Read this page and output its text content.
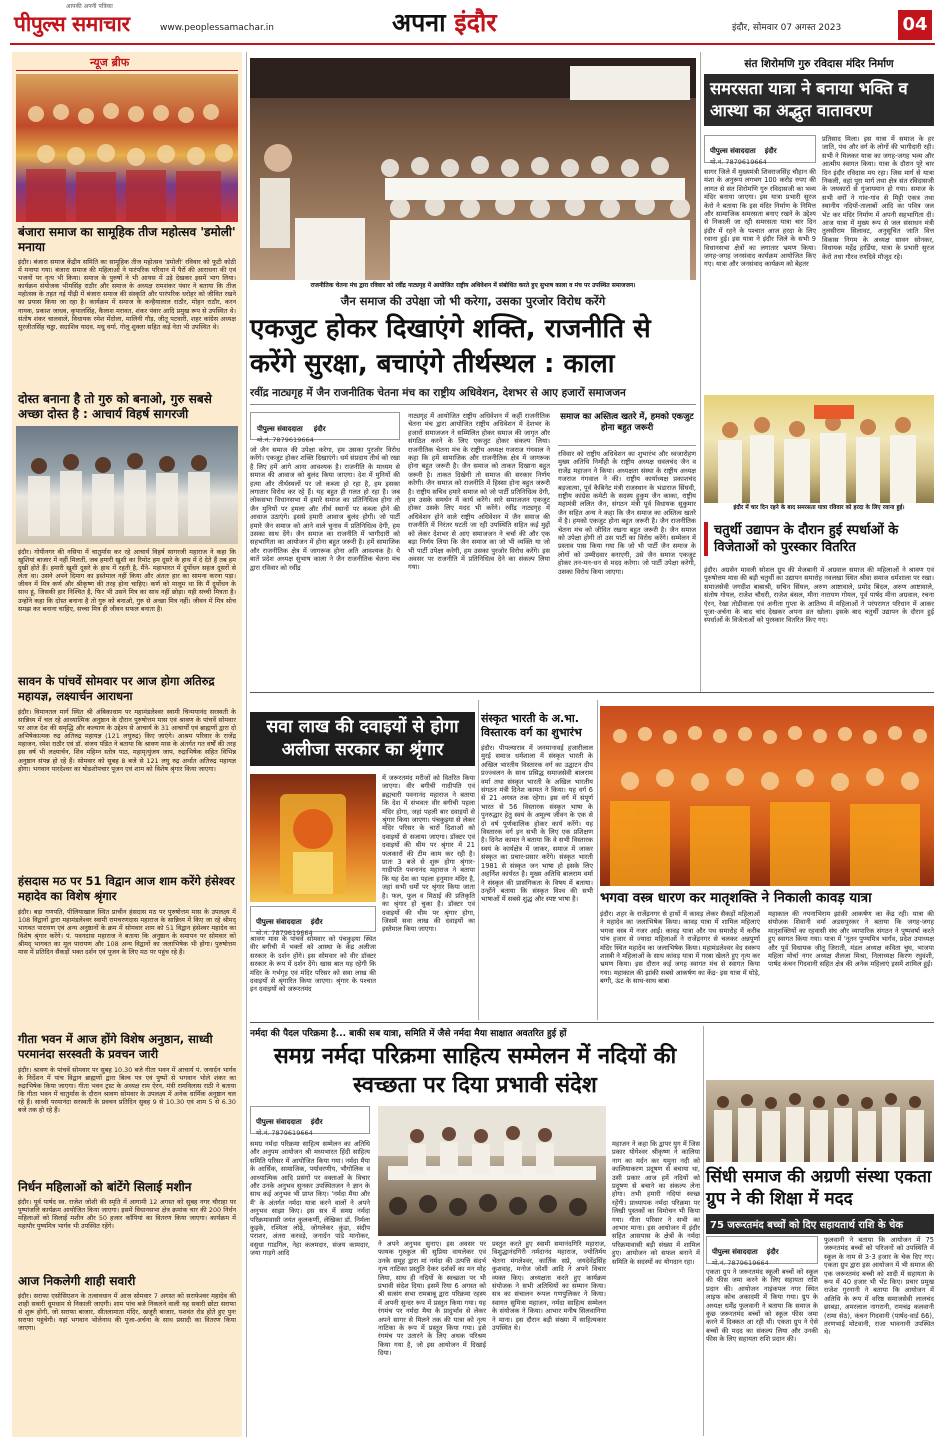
आपकी अपनी पत्रिका
पीपुल्स समाचार	www.peoplessamachar.in	अपना इंदौर	इंदौर, सोमवार 07 अगस्त 2023	04
न्यूज ब्रीफ
बंजारा समाज का सामूहिक तीज महोत्सव 'डमोली' मनाया
इंदौर। बंजारा समाज केंद्रीय समिति का सामूहिक तीज महोत्सव 'डमोली' रविवार को फूटी कोठी में मनाया गया। बंजारा समाज की महिलाओं ने पारंपरिक परिधान में पैरों की आराधना की एवं भजनों पर नृत्य भी किया। समाज के पुरुषों ने भी आयस में उड़े देखकर इसमें भाग लिया। कार्यक्रम संयोजक भीमसिंह राठौर और समाज के अध्यक्ष रामशंकर पंवार ने बताया कि तीज महोत्सव के तहत नई पीढ़ी में बंजारा समाज की संस्कृति और पारंपरिक धरोहर को जीवित रखने का प्रयास किया जा रहा है। कार्यक्रम में समाज के कन्हैयालाल राठौर, मोहन राठौर, करन नायक, प्रकाश जाधव, कृपालसिंह, कैलाश मरावत, शंकर पंवार आदि प्रमुख रूप से उपस्थित थे। संतोष शंकर चालवाले, विधायक रमेश मेंदोला, मालिनी गौड़, जीतू पटवारी, शहर कांग्रेस अध्यक्ष सुरजीतसिंह चड्ढा, सदाशिव यादव, मधु वर्मा, गोलू शुक्ला सहित कई नेता भी उपस्थित थे।
दोस्त बनाना है तो गुरु को बनाओ, गुरु सबसे अच्छा दोस्त है : आचार्य विहर्ष सागरजी
इंदौर। गोयीनगर की नसिया में चातुर्मास कर रहे आचार्य विहर्ष सागरजी महाराज ने कहा कि खुशियां बाजार में नहीं मिलतीं, जब हमारी खुशी का रिमोट हम दूसरे के हाथ में दे देते हैं तब हम दुखी होते हैं। हमारी खुशी दूसरे के हाथ में रहती है, मैंने- महाभारत में दुर्योधन सहज दूसरों से लेता था। उसने अपने दिमाग का इस्तेमाल नहीं किया और अंततः हार का सामना करना पड़ा। जीवन में मित्र कर्ण और श्रीकृष्ण की तरह होना चाहिए। कर्ण को मालूम था कि मैं दुर्योधन के साथ हूं, जिसकी हार निश्चित है, फिर भी उसने मित्र का साथ नहीं छोड़ा। यही सच्ची मित्रता है। उन्होंने कहा कि दोस्त बनाना है तो गुरु को बनाओ, गुरु से अच्छा मित्र नहीं। जीवन में मित्र सोच समझ कर बनाना चाहिए, सच्चा मित्र ही जीवन सफल बनाता है।
सावन के पांचवें सोमवार पर आज होगा अतिरुद्र महायज्ञ, लक्ष्यार्चन आराधना
इंदौर। विमानतल मार्ग स्थित श्री अंबिकाधाम पर महामंडलेश्वर स्वामी चिन्मयानंद सरस्वती के सान्निध्य में चल रहे आध्यात्मिक अनुष्ठान के दौरान पुरुषोत्तम मास एवं श्रावण के पांचवें सोमवार पर आज देश की समृद्धि और कल्याण के उद्देश्य से आचार्य के 31 आचार्यों एवं ब्राह्मणों द्वारा दो अभिषेकात्मक रुद्र अतिरुद्र महायज्ञ (121 लघुरुद्र) किए जाएंगे। आश्रम परिवार के राजेंद्र महाजन, रमेश राठौर एवं डॉ. संजय पंडित ने बताया कि श्रावण मास के अंतर्गत गत वर्षों की तरह इस वर्ष भी लक्ष्यार्चन, शिव महिम्न स्तोत्र पाठ, महामृत्युंजय जाप, रुद्राभिषेक सहित विभिन्न अनुष्ठान संपन्न हो रहे हैं। सोमवार को सुबह 8 बजे से 121 लघु रुद्र अर्थात अतिरुद्र महायज्ञ होगा। भगवान पारदेश्वर का षोडशोपचार पूजन एवं शाम को विशेष श्रृंगार किया जाएगा।
हंसदास मठ पर 51 विद्वान आज शाम करेंगे हंसेश्वर महादेव का विशेष श्रृंगार
इंदौर। बड़ा गणपति, पीलियाखाल स्थित प्राचीन हंसदास मठ पर पुरुषोत्तम मास के उपलक्ष्य में 108 विद्वानों द्वारा महामंडलेश्वर स्वामी रामचरणदास महाराज के सान्निध्य में किए जा रहे श्रीमद् भागवत पारायण एवं अन्य अनुष्ठानों के क्रम में सोमवार शाम को 51 विद्वान हंसेश्वर महादेव का विशेष श्रृंगार करेंगे। पं. पवनदास महाराज ने बताया कि अनुष्ठान के समापन पर सोमवार को श्रीमद् भागवत का मूल पारायण और 108 अन्य विद्वानों का जलाभिषेक भी होगा। पुरुषोत्तम मास में प्रतिदिन सैकड़ों भक्त दर्शन एवं पूजन के लिए मठ पर पहुंच रहे हैं।
गीता भवन में आज होंगे विशेष अनुष्ठान, साध्वी परमानंदा सरस्वती के प्रवचन जारी
इंदौर। श्रावण के पांचवें सोमवार पर सुबह 10.30 बजे गीता भवन में आचार्य पं. जनार्दन भार्गव के निर्देशन में पांच विद्वान ब्राह्मणों द्वारा बिल्व पत्र एवं पुष्पों से भगवान भोले शंकर का रुद्राभिषेक किया जाएगा। गीता भवन ट्रस्ट के अध्यक्ष राम ऐरन, मंत्री रामविलास राठी ने बताया कि गीता भवन में चातुर्मास के दौरान श्रावण सोमवार के उपलक्ष्य में अनेक धार्मिक अनुष्ठान चल रहे हैं। साध्वी परमानंदा सरस्वती के प्रवचन प्रतिदिन सुबह 9 से 10.30 एवं शाम 5 से 6.30 बजे तक हो रहे हैं।
निर्धन महिलाओं को बांटेंगे सिलाई मशीन
इंदौर। पूर्व पार्षद स्व. राजेश जोशी की स्मृति में आगामी 12 अगस्त को सुबह नगर चौराहा पर पुष्पांजलि कार्यक्रम आयोजित किया जाएगा। इसमें विधानसभा क्षेत्र क्रमांक चार की 200 निर्धन महिलाओं को सिलाई मशीन और 50 हजार कॉपियां का वितरण किया जाएगा। कार्यक्रम में महापौर पुष्यमित्र भार्गव भी उपस्थित रहेंगे।
आज निकलेगी शाही सवारी
इंदौर। सराफा एसोसिएशन के तत्वावधान में आज सोमवार 7 अगस्त को सराफेश्वर महादेव की शाही सवारी धूमधाम से निकाली जाएगी। शाम पांच बजे निकलने वाली यह सवारी छोटा सराफा से शुरू होगी, जो सराफा बाजार, सीतलामाता मंदिर, खजूरी बाजार, यशवंत रोड होते हुए पुनः सराफा पहुंचेगी। यहां भगवान भोलेनाथ की पूजा-अर्चना के साथ प्रसादी का वितरण किया जाएगा।
राजनीतिक चेतना मंच द्वारा रविवार को रवींद्र नाट्यगृह में आयोजित राष्ट्रीय अधिवेशन में संबोधित करते हुए सुभाष काला व मंच पर उपस्थित समाजजन।
जैन समाज की उपेक्षा जो भी करेगा, उसका पुरजोर विरोध करेंगे
एकजुट होकर दिखाएंगे शक्ति, राजनीति से करेंगे सुरक्षा, बचाएंगे तीर्थस्थल : काला
रवींद्र नाट्यगृह में जैन राजनीतिक चेतना मंच का राष्ट्रीय अधिवेशन, देशभर से आए हजारों समाजजन
पीपुल्स संवाददाता इंदौर
मो.नं. 7879619664
जो जैन समाज की उपेक्षा करेगा, हम उसका पुरजोर विरोध करेंगे। एकजुट होकर शक्ति दिखाएंगे। धर्म संप्रदाय तीर्थ को रखा है लिए हमें आगे आना आवश्यक है। राजनीति के माध्यम से समाज की आवाज को बुलंद किया जाएगा। देश में मुनियों की हत्या और तीर्थस्थलों पर जो कब्जा हो रहा है, हम इसका लगातार विरोध कर रहे हैं। यह बहुत ही गलत हो रहा है। जब लोकसभा विधानसभा में हमारे समाज का प्रतिनिधित्व होगा तो जैन मुनियों पर हमला और तीर्थ स्थानों पर कब्जा होने की आवाज उठाएंगे। इससे हमारी आवाज बुलंद होगी। जो पार्टी हमारे जैन समाज को आने वाले चुनाव में प्रतिनिधित्व देगी, हम उसका साथ देंगे। जैन समाज का राजनीति में भागीदारी को सहभागिता का आयोजन में होना बहुत जरूरी है। हमें सामाजिक और राजनीतिक क्षेत्र में जागरूक होना अति आवश्यक है। ये बातें प्रदेश अध्यक्ष सुभाष काला ने जैन राजनीतिक चेतना मंच द्वारा रविवार को रवींद्र
नाट्यगृह में आयोजित राष्ट्रीय अधिवेशन में कहीं राजनीतिक चेतना मंच द्वारा आयोजित राष्ट्रीय अधिवेशन में देशभर के हजारों समाजजन ने सम्मिलित होकर समाज की जागृत और संगठित करने के लिए एकजुट होकर संकल्प लिया। राजनीतिक चेतना मंच के राष्ट्रीय अध्यक्ष गजराज गंगवाल ने कहा कि हमें सामाजिक और राजनीतिक क्षेत्र में जागरूक होना बहुत जरूरी है। जैन समाज को ताकत दिखाना बहुत जरूरी है। ताकत दिखेगी तो समाज की सरकार निर्णय करेगी। जैन समाज को राजनीति में हिस्सा होना बहुत जरूरी है। राष्ट्रीय सचिव हमारे समाज को जो पार्टी प्रतिनिधित्व देगी, हम उसके समर्थन में कार्य करेंगे। सारे समाजजन एकजुट होकर उसके लिए मदद भी करेंगे। रवींद्र नाट्यगृह में अधिवेशन होने वाले राष्ट्रीय अधिवेशन में जैन समाज की राजनीति में निरंतर घटती जा रही उपस्थिति सहित कई मुद्दों को लेकर देशभर से आए समाजजन ने चर्चा की और एक बड़ा निर्णय लिया कि जैन समाज का जो भी व्यक्ति या जो भी पार्टी उपेक्षा करेगी, हम उसका पुरजोर विरोध करेंगे। इस अवसर पर राजनीति में प्रतिनिधित्व देने का संकल्प लिया गया।
समाज का अस्तित्व खतरे में, हमको एकजुट होना बहुत जरूरी
रविवार को राष्ट्रीय अधिवेशन का शुभारंभ और ध्वजारोहण मुख्य अतिथि निर्मोही के राष्ट्रीय अध्यक्ष धवलचंद जैन व राजेंद्र महाजन ने किया। अध्यक्षता संस्था के राष्ट्रीय अध्यक्ष गजराज गंगवाल ने की। राष्ट्रीय कार्याध्यक्ष प्रकाशचंद बड़जात्या, पूर्व कैबिनेट मंत्री राजस्थान के भंडाराज सिंघवी, राष्ट्रीय कांग्रेस कमेटी के सदस्य हुकुम जैन काका, राष्ट्रीय महामंत्री ललित जैन, संगठन मंत्री पूर्व विधायक सुकुमार जैन सहित अन्य ने कहा कि जैन समाज का अस्तित्व खतरे में है। हमको एकजुट होना बहुत जरूरी है। जैन राजनीतिक चेतना मंच को जीवित रखना बहुत जरूरी है। जैन समाज को उपेक्षा होगी तो उस पार्टी का विरोध करेंगे। सम्मेलन में प्रस्ताव पास किया गया कि जो भी पार्टी जैन समाज के लोगों को उम्मीदवार बनाएगी, उसे जैन समाज एकजुट होकर तन-मन-धन से मदद करेगा। जो पार्टी उपेक्षा करेगी, उसका विरोध किया जाएगा।
संत शिरोमणि गुरु रविदास मंदिर निर्माण
समरसता यात्रा ने बनाया भक्ति व आस्था का अद्भुत वातावरण
पीपुल्स संवाददाता इंदौर
मो.नं. 7879619664
सागर जिले में मुख्यमंत्री शिवराजसिंह चौहान की मंशा के अनुरूप लगभग 100 करोड़ रुपए की लागत से संत शिरोमणि गुरु रविदासजी का भव्य मंदिर बनाया जाएगा। इस यात्रा प्रभारी सुरज केरो ने बताया कि इस मंदिर निर्माण के निमित्त और सामाजिक समरसता बनाए रखने के उद्देश्य से निकाली जा रही समरसता यात्रा चार दिन इंदौर में रहने के पश्चात आज हरदा के लिए रवाना हुई। इस यात्रा ने इंदौर जिले के सभी 9 विधानसभा क्षेत्रों का लगातार भ्रमण किया। जगह-जगह जनसंवाद कार्यक्रम आयोजित किए गए। यात्रा और जनसंवाद कार्यक्रम को बेहतर
प्रतिसाद मिला। इस यात्रा में समाज के हर जाति, पंथ और वर्ग के लोगों की भागीदारी रही। सभी ने मिलकर यात्रा का जगह-जगह भव्य और आत्मीय स्वागत किया। यात्रा के दौरान पूरे चार दिन इंदौर रविदास मय रहा। जिस मार्ग से यात्रा निकली, वहां पूरा मार्ग तथा क्षेत्र संत रविदासजी के जयकारों से गुंजायमान हो गया। समाज के सभी वर्गों ने गांव-गांव से मिट्टी एकत्र तथा स्थानीय नदियों-तालाबों आदि का पवित्र जल भेंट कर मंदिर निर्माण में अपनी सहभागिता दी। आज यात्रा में मुख्य रूप से जल संसाधन मंत्री तुलसीराम सिलावट, अनुसूचित जाति वित्त विकास निगम के अध्यक्ष सावन सोनकर, विधायक महेंद्र हार्डिया, यात्रा के प्रभारी सुरज केरो तथा गौरव रणदिवे मौजूद रहे।
इंदौर में चार दिन रहने के बाद समरसता यात्रा रविवार को हरदा के लिए रवाना हुई।
चतुर्थी उद्यापन के दौरान हुई स्पर्धाओं के विजेताओं को पुरस्कार वितरित
इंदौर। अग्रसेन मावली सोशल ग्रुप की मेजबानी में अग्रवाल समाज की महिलाओं ने श्रावण एवं पुरुषोत्तम मास की बड़ी चतुर्थी का उद्यापन समारोह नवलखा स्थित श्रीवा समाज धर्मशाला पर रखा। समाजसेवी जगदीश बाबाश्री, सचिन सिंघल, अरुण आष्टावाले, प्रमोद बिंदल, अरुण आष्टावाले, संतोष गोयल, राजेश चौधरी, राजेश बंसल, मीना नारायण गोयल, पूर्व पार्षद मीना अग्रवाल, रचना ऐरन, रेखा तोडीवाला एवं अनीता गुप्ता के आतिथ्य में महिलाओं ने परंपरागत परिधान में आकर पूजा-अर्चना के बाद चांद देखकर अपना व्रत खोला। इसके बाद चतुर्थी उद्यापन के दौरान हुई स्पर्धाओं के विजेताओं को पुरस्कार वितरित किए गए।
सवा लाख की दवाइयों से होगा अलीजा सरकार का श्रृंगार
पीपुल्स संवाददाता इंदौर
मो.नं. 7879619664
श्रावण मास के पांचवें सोमवार को पंचकुइया स्थित वीर बगीची में भक्तों को आस्था के केंद्र अलीजा सरकार के दर्शन होंगे। इस सोमवार को वीर डॉक्टर सरकार के रूप में दर्शन देंगे। खास बात यह रहेगी कि मंदिर के गर्भगृह एवं मंदिर परिसर को सवा लाख की दवाइयों से श्रृंगारित किया जाएगा। श्रृंगार के पश्चात इन दवाइयों को जरूरतमंद
में जरूरतमंद मरीजों को वितरित किया जाएगा। वीर बगीची गादीपति एवं ब्रह्मचारी पवनानंद महाराज ने बताया कि देश में संभवतः वीर बगीची पहला मंदिर होगा, जहां पहली बार दवाइयों से श्रृंगार किया जाएगा। पंचकुइया से लेकर मंदिर परिसर के चारों दिशाओं को दवाइयों से सजाया जाएगा। डॉक्टर एवं दवाइयों की थीम पर श्रृंगार में 21 फलकारों की टीम काम कर रही है। प्रातः 3 बजे से शुरू होगा श्रृंगार- गादीपति पवनानंद महाराज ने बताया कि यह देश का पहला हनुमान मंदिर है, जहां सभी धर्मों पर श्रृंगार किया जाता है। फल, फूल व मिठाई की प्रतिकृति का श्रृंगार हो चुका है। डॉक्टर एवं दवाइयों की थीम पर श्रृंगार होगा, जिसमें सवा लाख की दवाइयों का इस्तेमाल किया जाएगा।
संस्कृत भारती के अ.भा. विस्तारक वर्ग का शुभारंभ
इंदौर। पीपल्याराव में जनमानावई हजारीलाल मुरई समाज धर्मशाला में संस्कृत भारती के अखिल भारतीय विस्तारक वर्ग का उद्घाटन दीप प्रज्ज्वलन के साथ प्रसिद्ध समाजसेवी बालराम वर्मा तथा संस्कृत भारती के अखिल भारतीय संगठन मंत्री दिनेश कामत ने किया। यह वर्ग 6 से 21 अगस्त तक रहेगा। इस वर्ग में संपूर्ण भारत से 56 विस्तारक संस्कृत भाषा के पुनरुद्धार हेतु स्वयं के अमूल्य जीवन के एक से दो वर्ष पूर्णकालिक होकर कार्य करेंगे। यह विस्तारक वर्ग इन सभी के लिए एक प्रशिक्षण है। दिनेश कामत ने बताया कि वे सभी विस्तारक स्वयं के कार्यक्षेत्र में जाकर, समाज में जाकर संस्कृत का प्रचार-प्रसार करेंगे। संस्कृत भारती 1981 से संस्कृत जन भाषा हो इसके लिए अहर्निश कार्यरत है। मुख्य अतिथि बालराम वर्मा ने संस्कृत की प्रासंगिकता के विषय में बताया। उन्होंने बताया कि संस्कृत विश्व की सभी भाषाओं में सबसे शुद्ध और स्पष्ट भाषा है।	भगवा वस्त्र धारण कर मातृशक्ति ने निकाली कावड़ यात्रा
इंदौर। शहर के राजेंद्रनगर से हाथों में कावड़ लेकर सैकड़ों महिलाओं ने महादेव का जलाभिषेक किया। कावड़ यात्रा में शामिल महिलाएं भगवा वस्त्र में नजर आईं। कावड़ यात्रा और पथ समारोह में करीब पांच हजार से ज्यादा महिलाओं ने राजेंद्रनगर से चलकर अन्नपूर्णा मंदिर स्थित महादेव का जलाभिषेक किया। महामंडलेश्वर वेद स्वरूप शास्त्री ने महिलाओं के साथ कांवड़ यात्रा में गरबा खेलते हुए नृत्य कर भ्रमण किया। इस दौरान कई जगह स्वागत मंच से स्वागत किया गया। महाकाल की झांकी सबसे आकर्षण का केंद्र- इस यात्रा में घोड़े, बग्गी, ऊंट के साथ-साथ बाबा
महाकाल की नयनाभिराम झांकी आकर्षण का केंद्र रही। यात्रा की संयोजक शिवानी वर्मा अडसपुरकर ने बताया कि जगह-जगह मातृशक्तियों का रहवासी संघ और व्यापारिक संगठन ने पुष्पवर्षा करते हुए स्वागत किया गया। यात्रा में 'नूतन पुण्यमित्र भार्गव, प्रदेश उपाध्यक्ष और पूर्व विधायक जीतू जिराती, मंडल अध्यक्ष कविता चुघ, भाजपा महिला मोर्चा नगर अध्यक्ष शैलजा मिश्रा, निलाध्यक्ष किरण रघुवंशी, पार्षद कंचन गिदवानी सहित क्षेत्र की अनेक महिलाएं इसमें शामिल हुईं।
नर्मदा की पैदल परिक्रमा है... बाकी सब यात्रा, समिति में जैसे नर्मदा मैया साक्षात अवतरित हुई हों
समग्र नर्मदा परिक्रमा साहित्य सम्मेलन में नदियों की स्वच्छता पर दिया प्रभावी संदेश
पीपुल्स संवाददाता इंदौर
मो.नं. 7879619664
समग्र नर्मदा परिक्रमा साहित्य सम्मेलन का अतिथि और अनुपम आयोजन श्री मध्यभारत हिंदी साहित्य समिति परिसर में आयोजित किया गया। नर्मदा मैया के आर्थिक, सामाजिक, पर्यावरणीय, भौगोलिक व आध्यात्मिक आदि प्रसंगों पर वक्ताओं के विचार और उनके अनुभव सुनकर उपस्थितजन ने ज्ञान के साथ कई अनुभव भी प्राप्त किए। 'नर्मदा मैया और मैं' के अंतर्गत नर्मदा यात्रा करने वालों ने अपने अनुभव साझा किए। इस सत्र में समग्र नर्मदा परिक्रमावासी जयंत कुलकर्णी, लेखिका डॉ. निर्मला कुइके, रश्मिता लोढ़े, जोगलेकर कुंडा, संदीप पराशर, अंतरा करवड़े, जनार्दन पांडे मानोकर, वसुधा गाडगिल, नेहा कलमदार, संजय कामदार, जया गाड़गे आदि
ने अपने अनुभव सुनाए। इस अवसर पर फायक गुरुकुल की सुप्रिया वायलेकर एवं उनके समूह द्वारा मां नर्मदा की उत्पत्ति संदर्भ नृत्य नाटिका प्रस्तुति देकर दर्शकों का मन मोह लिया, साथ ही नदियों के स्वच्छता पर भी प्रभावी संदेश दिया। इसमें रिया 6 अगस्त को श्री सत्संग सभा रामबाबू द्वारा परिक्रमा रहस्य में अपनी सुन्दर रूप में प्रस्तुत किया गया। यह रंगमंच पर नर्मदा मैया के प्रादुर्भाव से लेकर अपने सागर से मिलने तक की यात्रा को नृत्य नाटिका के रूप में प्रस्तुत किया गया। इसे रंगमंच पर उतारने के लिए अथक परिश्रम किया गया है, जो इस आयोजन में दिखाई दिया।
प्रस्तुत करते हुए स्वामी समानंदगिरि महाराज, विशुद्धानंदगिरी नर्मदानंद महाराज, ज्योतिर्मय चेतना मंगलेश्वर, कार्तिक सप्रे, जयदेवेंद्रसिंह कुशवाह, मनोज जोशी आदि ने अपने विचार व्यक्त किए। अध्यक्षता करते हुए कार्यक्रम संयोजक ने सभी अतिथियों का सम्मान किया। सत्र का संचालन रूपल गणपुलिकर ने किया। स्वागत सुमित्रा महाजन, नर्मदा साहित्य सम्मेलन के संयोजक ने किया। आभार मनीष सिलवानिया ने माना। इस दौरान बड़ी संख्या में साहित्यकार उपस्थित थे।
महाजन ने कहा कि द्वापर युग में जिस प्रकार योगेश्वर श्रीकृष्ण ने कालिया नाग का मर्दन कर यमुना नदी को कालियाकरण प्रदूषण से बचाया था, उसी प्रकार आज हमें नदियों को प्रदूषण से बचाने का संकल्प लेना होगा। तभी हमारी नदियां स्वच्छ रहेंगी। प्राध्यापक नर्मदा परिक्रमा पर लिखी पुस्तकों का विमोचन भी किया गया। गीता परिवार ने सभी का आभार माना। इस आयोजन में इंदौर सहित आसपास के क्षेत्रों के नर्मदा परिक्रमावासी बड़ी संख्या में शामिल हुए। आयोजन को सफल बनाने में समिति के सदस्यों का योगदान रहा।
सिंधी समाज की अग्रणी संस्था एकता ग्रुप ने की शिक्षा में मदद
75 जरूरतमंद बच्चों को दिए सहायतार्थ राशि के चेक
पीपुल्स संवाददाता इंदौर
मो.नं. 7879619664
एकता ग्रुप ने जरूरतमंद स्कूली बच्चों को स्कूल की फीस जमा करने के लिए सहायता राशि प्रदान की। आयोजन नाइंकपल नगर स्थित लाइफ कोच अकादमी में किया गया। ग्रुप के अध्यक्ष धर्मेंद्र फुलवानी ने बताया कि समाज के कुछ जरूरतमंद बच्चों को स्कूल फीस जमा करने में दिक्कत आ रही थी। एकता ग्रुप ने ऐसे बच्चों की मदद का संकल्प लिया और उनकी फीस के लिए सहायता राशि प्रदान की।
फुलवानी ने बताया कि आयोजन में 75 जरूरतमंद बच्चों को परिजनों को उपस्थिति में स्कूल के नाम से 3-3 हजार के चेक दिए गए। एकता ग्रुप द्वारा इस आयोजन में भी समाज की एक जरूरतमंद बच्ची को शादी में सहायता के रूप में 40 हजार भी भेंट किए। प्रचार प्रमुख राजेश गुरनानी ने बताया कि आयोजन में अतिथि के रूप में वरिष्ठ समाजसेवी लालचंद छाबड़ा, अमरलाल नागरानी, रामचंद्र कलवानी (रामा सेठ), कंचन गिदवानी (पार्षद-वार्ड 66), तरणभाई मोटवानी, राजा भावनानी उपस्थित थे।
